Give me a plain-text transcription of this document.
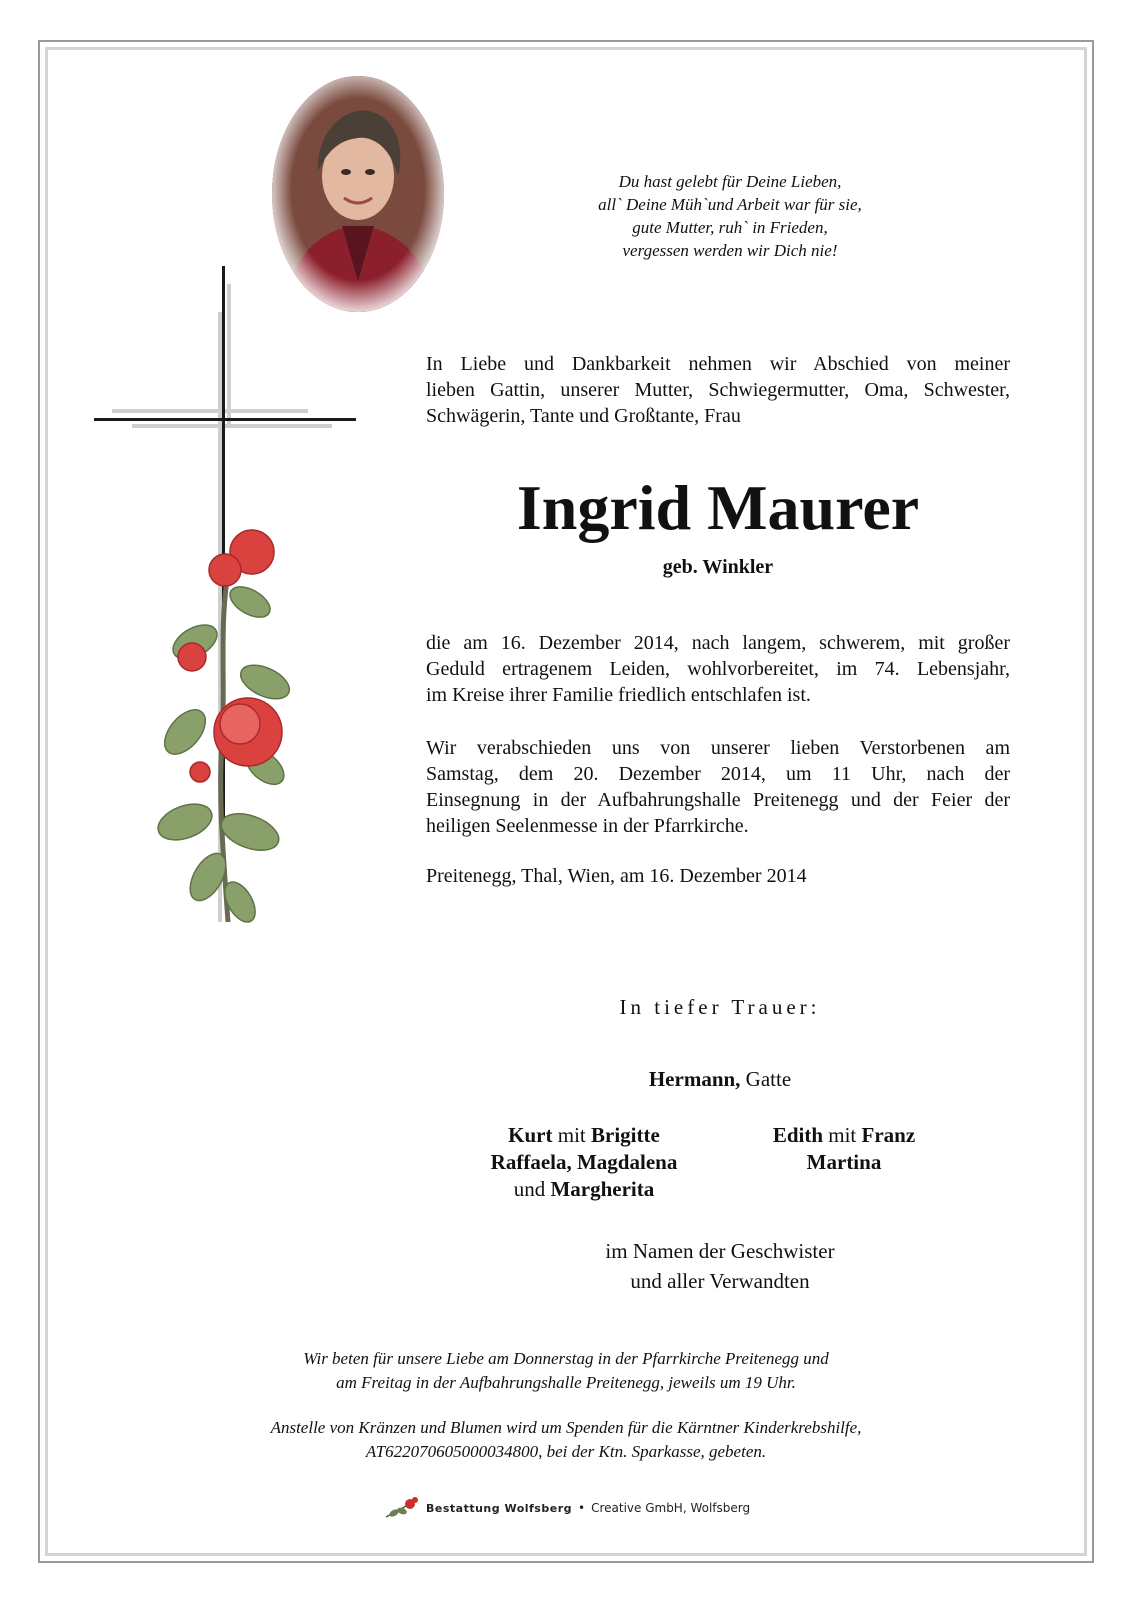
Du hast gelebt für Deine Lieben,
all` Deine Müh`und Arbeit war für sie,
gute Mutter, ruh` in Frieden,
vergessen werden wir Dich nie!
In Liebe und Dankbarkeit nehmen wir Abschied von meiner
lieben Gattin, unserer Mutter, Schwiegermutter, Oma, Schwester,
Schwägerin, Tante und Großtante, Frau
Ingrid Maurer
geb. Winkler
die am 16. Dezember 2014, nach langem, schwerem, mit großer
Geduld ertragenem Leiden, wohlvorbereitet, im 74. Lebensjahr,
im Kreise ihrer Familie friedlich entschlafen ist.
Wir verabschieden uns von unserer lieben Verstorbenen am
Samstag, dem 20. Dezember 2014, um 11 Uhr, nach der
Einsegnung in der Aufbahrungshalle Preitenegg und der Feier der
heiligen Seelenmesse in der Pfarrkirche.
Preitenegg, Thal, Wien, am 16. Dezember 2014
In tiefer Trauer:
Hermann, Gatte
Kurt mit Brigitte
Raffaela, Magdalena
und Margherita
Edith mit Franz
Martina
im Namen der Geschwister
und aller Verwandten
Wir beten für unsere Liebe am Donnerstag in der Pfarrkirche Preitenegg und
am Freitag in der Aufbahrungshalle Preitenegg, jeweils um 19 Uhr.
Anstelle von Kränzen und Blumen wird um Spenden für die Kärntner Kinderkrebshilfe,
AT622070605000034800, bei der Ktn. Sparkasse, gebeten.
Bestattung Wolfsberg • Creative GmbH, Wolfsberg
